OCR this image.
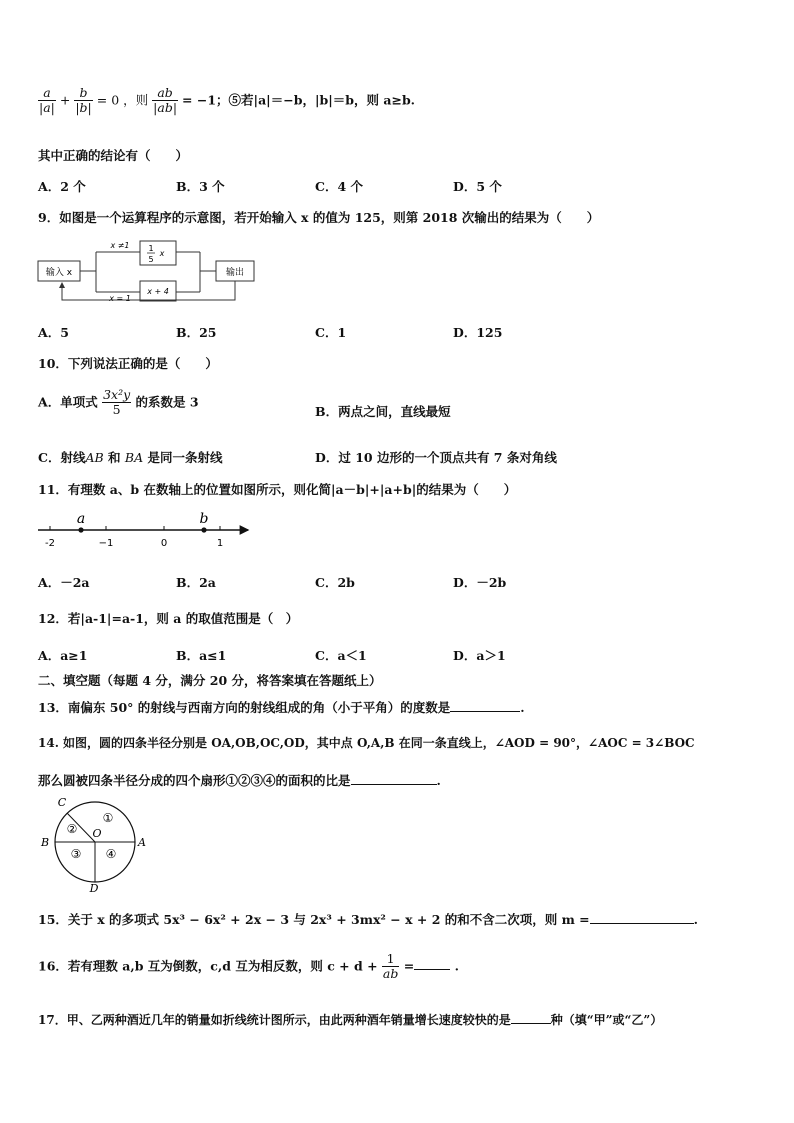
$\frac{a}{|a|} + \frac{b}{|b|} = 0$ ，则 $\frac{ab}{|ab|} = -1$；⑤若|a|＝−b，|b|＝b，则 a≥b.
其中正确的结论有（　　）
A．2 个	B．3 个	C．4 个	D．5 个
9．如图是一个运算程序的示意图，若开始输入 x 的值为 125，则第 2018 次输出的结果为（　　）
输入 x
x ≠1
x = 1
1
5
x
x + 4
输出
A．5	B．25	C．1	D．125
10．下列说法正确的是（　　）
A．单项式 $\frac{\text{3x²y}}{5}$ 的系数是 3
B．两点之间，直线最短
C．射线AB 和 BA 是同一条射线	D．过 10 边形的一个顶点共有 7 条对角线
11．有理数 a、b 在数轴上的位置如图所示，则化简|a－b|+|a+b|的结果为（　　）
a	b
-2	−1	0	1
A．－2a	B．2a	C．2b	D．－2b
12．若|a-1|=a-1，则 a 的取值范围是（　）
A．a≥1	B．a≤1	C．a＜1	D．a＞1
二、填空题（每题 4 分，满分 20 分，将答案填在答题纸上）
13．南偏东 50° 的射线与西南方向的射线组成的角（小于平角）的度数是	.
14. 如图，圆的四条半径分别是 OA,OB,OC,OD，其中点 O,A,B 在同一条直线上，∠AOD = 90°，∠AOC = 3∠BOC
那么圆被四条半径分成的四个扇形①②③④的面积的比是	.
C
B	A
D
O
①
②
③ ④
15．关于 x 的多项式 5x³ − 6x² + 2x − 3 与 2x³ + 3mx² − x + 2 的和不含二次项，则 m =	.
16．若有理数 a,b 互为倒数，c,d 互为相反数，则 $c + d + \frac{1}{ab}$ =	.
17．甲、乙两种酒近几年的销量如折线统计图所示，由此两种酒年销量增长速度较快的是	种（填“甲”或“乙”）
